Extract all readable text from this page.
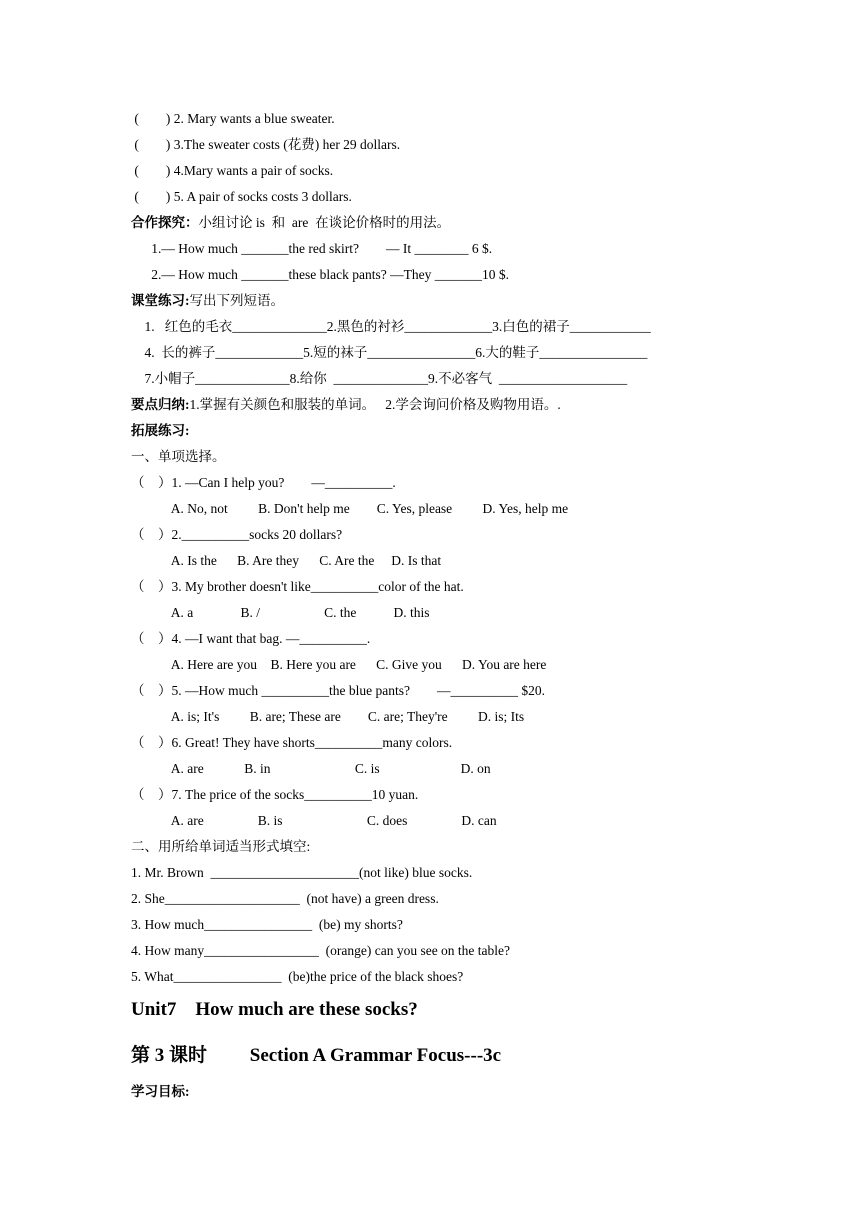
(        ) 2. Mary wants a blue sweater.
(        ) 3.The sweater costs (花费) her 29 dollars.
(        ) 4.Mary wants a pair of socks.
(        ) 5. A pair of socks costs 3 dollars.
合作探究：小组讨论 is  和  are  在谈论价格时的用法。
1.— How much _______the red skirt?        — It ________ 6 $.
2.— How much _______these black pants? —They _______10 $.
课堂练习:写出下列短语。
1.   红色的毛衣______________2.黑色的衬衫_____________3.白色的裙子____________
4.  长的裤子_____________5.短的袜子________________6.大的鞋子________________
7.小帽子______________8.给你  ______________9.不必客气  ___________________
要点归纳:1.掌握有关颜色和服装的单词。   2.学会询问价格及购物用语。.
拓展练习:
一、单项选择。
（    ）1. —Can I help you?        —__________.
A. No, not         B. Don't help me        C. Yes, please         D. Yes, help me
（    ）2.__________socks 20 dollars?
A. Is the      B. Are they      C. Are the     D. Is that
（    ）3. My brother doesn't like__________color of the hat.
A. a              B. /                   C. the           D. this
（    ）4. —I want that bag. —__________.
A. Here are you    B. Here you are      C. Give you      D. You are here
（    ）5. —How much __________the blue pants?        —__________ $20.
A. is; It's         B. are; These are        C. are; They're         D. is; Its
（    ）6. Great! They have shorts__________many colors.
A. are            B. in                         C. is                        D. on
（    ）7. The price of the socks__________10 yuan.
A. are                B. is                         C. does                D. can
二、用所给单词适当形式填空:
1. Mr. Brown  ______________________(not like) blue socks.
2. She____________________  (not have) a green dress.
3. How much________________  (be) my shorts?
4. How many_________________  (orange) can you see on the table?
5. What________________  (be)the price of the black shoes?
Unit7    How much are these socks?
第 3 课时         Section A Grammar Focus---3c
学习目标:
